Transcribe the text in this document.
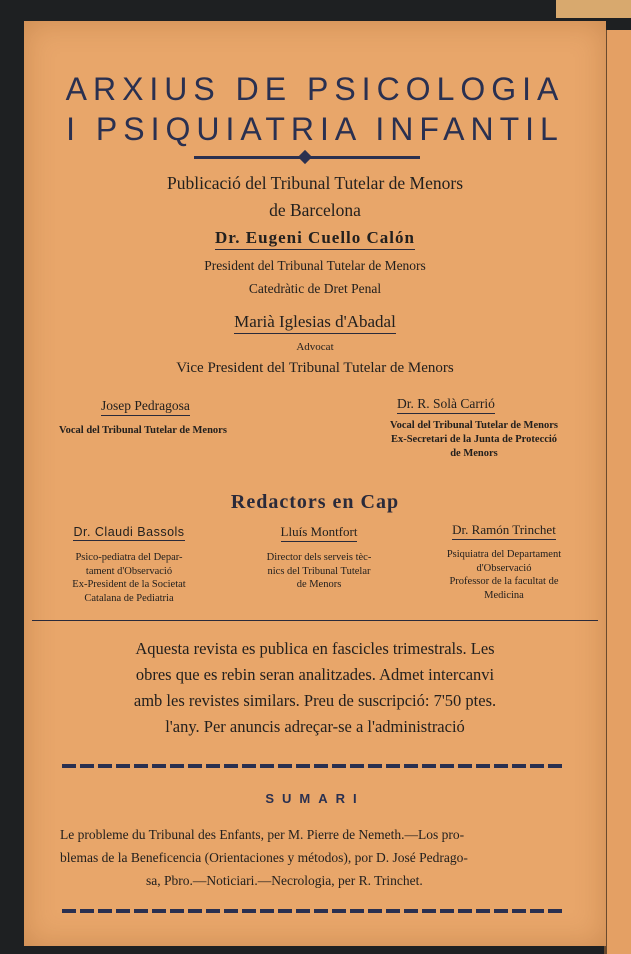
ARXIUS DE PSICOLOGIA
I PSIQUIATRIA INFANTIL
Publicació del Tribunal Tutelar de Menors
de Barcelona
Dr. Eugeni Cuello Calón
President del Tribunal Tutelar de Menors
Catedràtic de Dret Penal
Marià Iglesias d'Abadal
Advocat
Vice President del Tribunal Tutelar de Menors
Josep Pedragosa
Vocal del Tribunal Tutelar de Menors
Dr. R. Solà Carrió
Vocal del Tribunal Tutelar de Menors
Ex-Secretari de la Junta de Protecció
de Menors
Redactors en Cap
Dr. Claudi Bassols	Lluís Montfort	Dr. Ramón Trinchet
Psico-pediatra del Depar-
tament d'Observació
Ex-President de la Societat
Catalana de Pediatria
Director dels serveis tèc-
nics del Tribunal Tutelar
de Menors
Psiquiatra del Departament
d'Observació
Professor de la facultat de
Medicina
Aquesta revista es publica en fascicles trimestrals. Les
obres que es rebin seran analitzades. Admet intercanvi
amb les revistes similars. Preu de suscripció: 7'50 ptes.
l'any. Per anuncis adreçar-se a l'administració
SUMARI
Le probleme du Tribunal des Enfants, per M. Pierre de Nemeth.—Los pro-
blemas de la Beneficencia (Orientaciones y métodos), por D. José Pedrago-
sa, Pbro.—Noticiari.—Necrologia, per R. Trinchet.
